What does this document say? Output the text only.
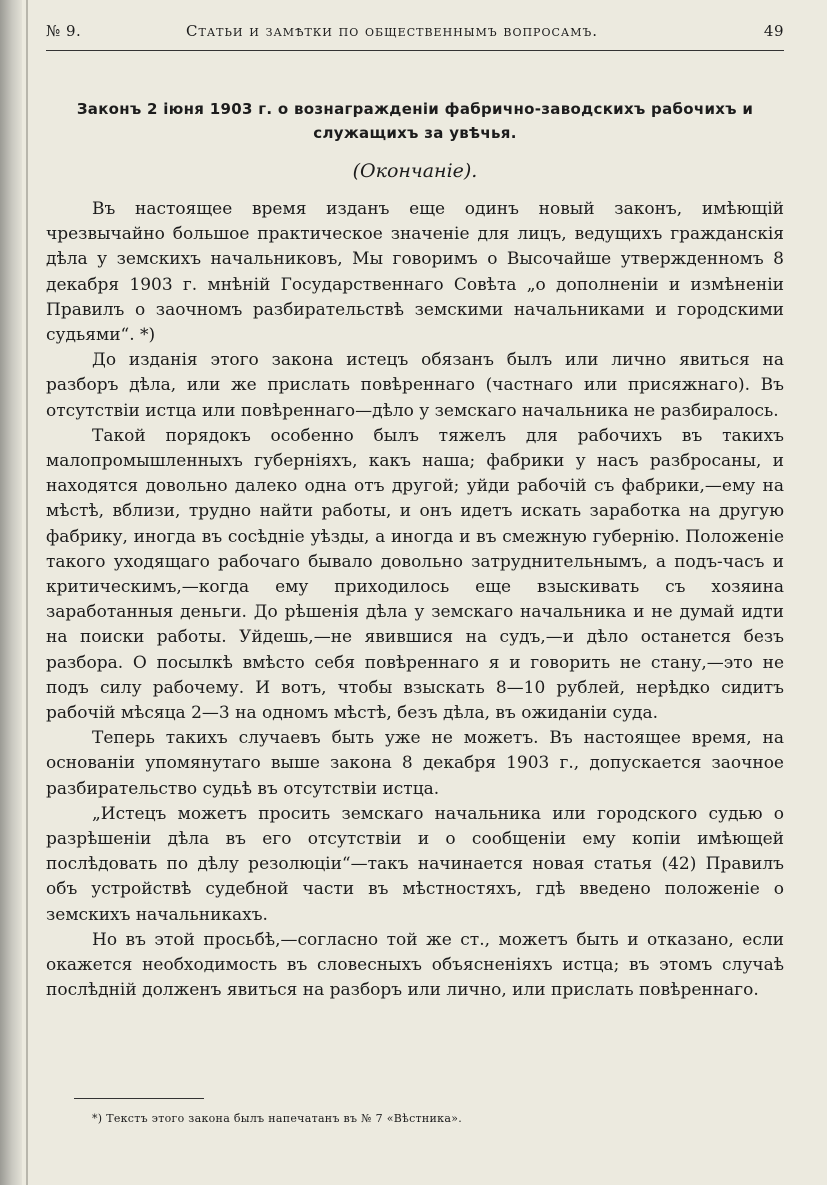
№ 9.	Статьи и замѣтки по общественнымъ вопросамъ.	49
Законъ 2 іюня 1903 г. о вознагражденіи фабрично-заводскихъ рабочихъ и служащихъ за увѣчья.
(Окончаніе).

Въ настоящее время изданъ еще одинъ новый законъ, имѣющій чрезвычайно большое практическое значеніе для лицъ, ведущихъ гражданскія дѣла у земскихъ начальниковъ, Мы говоримъ о Высочайше утвержденномъ 8 декабря 1903 г. мнѣній Государственнаго Совѣта „о дополненіи и измѣненіи Правилъ о заочномъ разбирательствѣ земскими начальниками и городскими судьями“. *)

До изданія этого закона истецъ обязанъ былъ или лично явиться на разборъ дѣла, или же прислать повѣреннаго (частнаго или присяжнаго). Въ отсутствіи истца или повѣреннаго—дѣло у земскаго начальника не разбиралось.

Такой порядокъ особенно былъ тяжелъ для рабочихъ въ такихъ малопромышленныхъ губерніяхъ, какъ наша; фабрики у насъ разбросаны, и находятся довольно далеко одна отъ другой; уйди рабочій съ фабрики,—ему на мѣстѣ, вблизи, трудно найти работы, и онъ идетъ искать заработка на другую фабрику, иногда въ сосѣдніе уѣзды, а иногда и въ смежную губернію. Положеніе такого уходящаго рабочаго бывало довольно затруднительнымъ, а подъ-часъ и критическимъ,—когда ему приходилось еще взыскивать съ хозяина заработанныя деньги. До рѣшенія дѣла у земскаго начальника и не думай идти на поиски работы. Уйдешь,—не явившися на судъ,—и дѣло останется безъ разбора. О посылкѣ вмѣсто себя повѣреннаго я и говорить не стану,—это не подъ силу рабочему. И вотъ, чтобы взыскать 8—10 рублей, нерѣдко сидитъ рабочій мѣсяца 2—3 на одномъ мѣстѣ, безъ дѣла, въ ожиданіи суда.

Теперь такихъ случаевъ быть уже не можетъ. Въ настоящее время, на основаніи упомянутаго выше закона 8 декабря 1903 г., допускается заочное разбирательство судьѣ въ отсутствіи истца.

„Истецъ можетъ просить земскаго начальника или городского судью о разрѣшеніи дѣла въ его отсутствіи и о сообщеніи ему копіи имѣющей послѣдовать по дѣлу резолюціи“—такъ начинается новая статья (42) Правилъ объ устройствѣ судебной части въ мѣстностяхъ, гдѣ введено положеніе о земскихъ начальникахъ.

Но въ этой просьбѣ,—согласно той же ст., можетъ быть и отказано, если окажется необходимость въ словесныхъ объясненіяхъ истца; въ этомъ случаѣ послѣдній долженъ явиться на разборъ или лично, или прислать повѣреннаго.

*) Текстъ этого закона былъ напечатанъ въ № 7 «Вѣстника».
